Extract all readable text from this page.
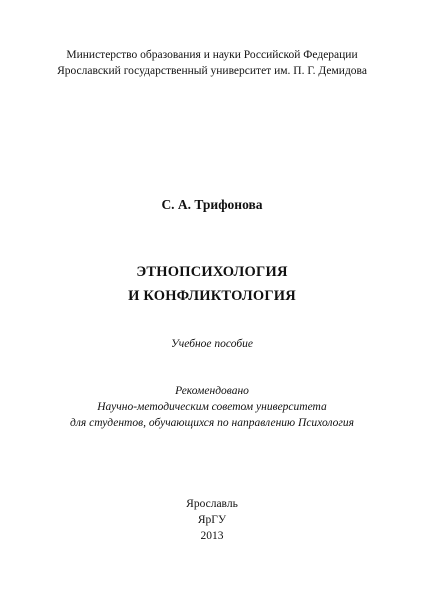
Министерство образования и науки Российской Федерации
Ярославский государственный университет им. П. Г. Демидова
С. А. Трифонова
ЭТНОПСИХОЛОГИЯ
И КОНФЛИКТОЛОГИЯ
Учебное пособие
Рекомендовано
Научно-методическим советом университета
для студентов, обучающихся по направлению Психология
Ярославль
ЯрГУ
2013
